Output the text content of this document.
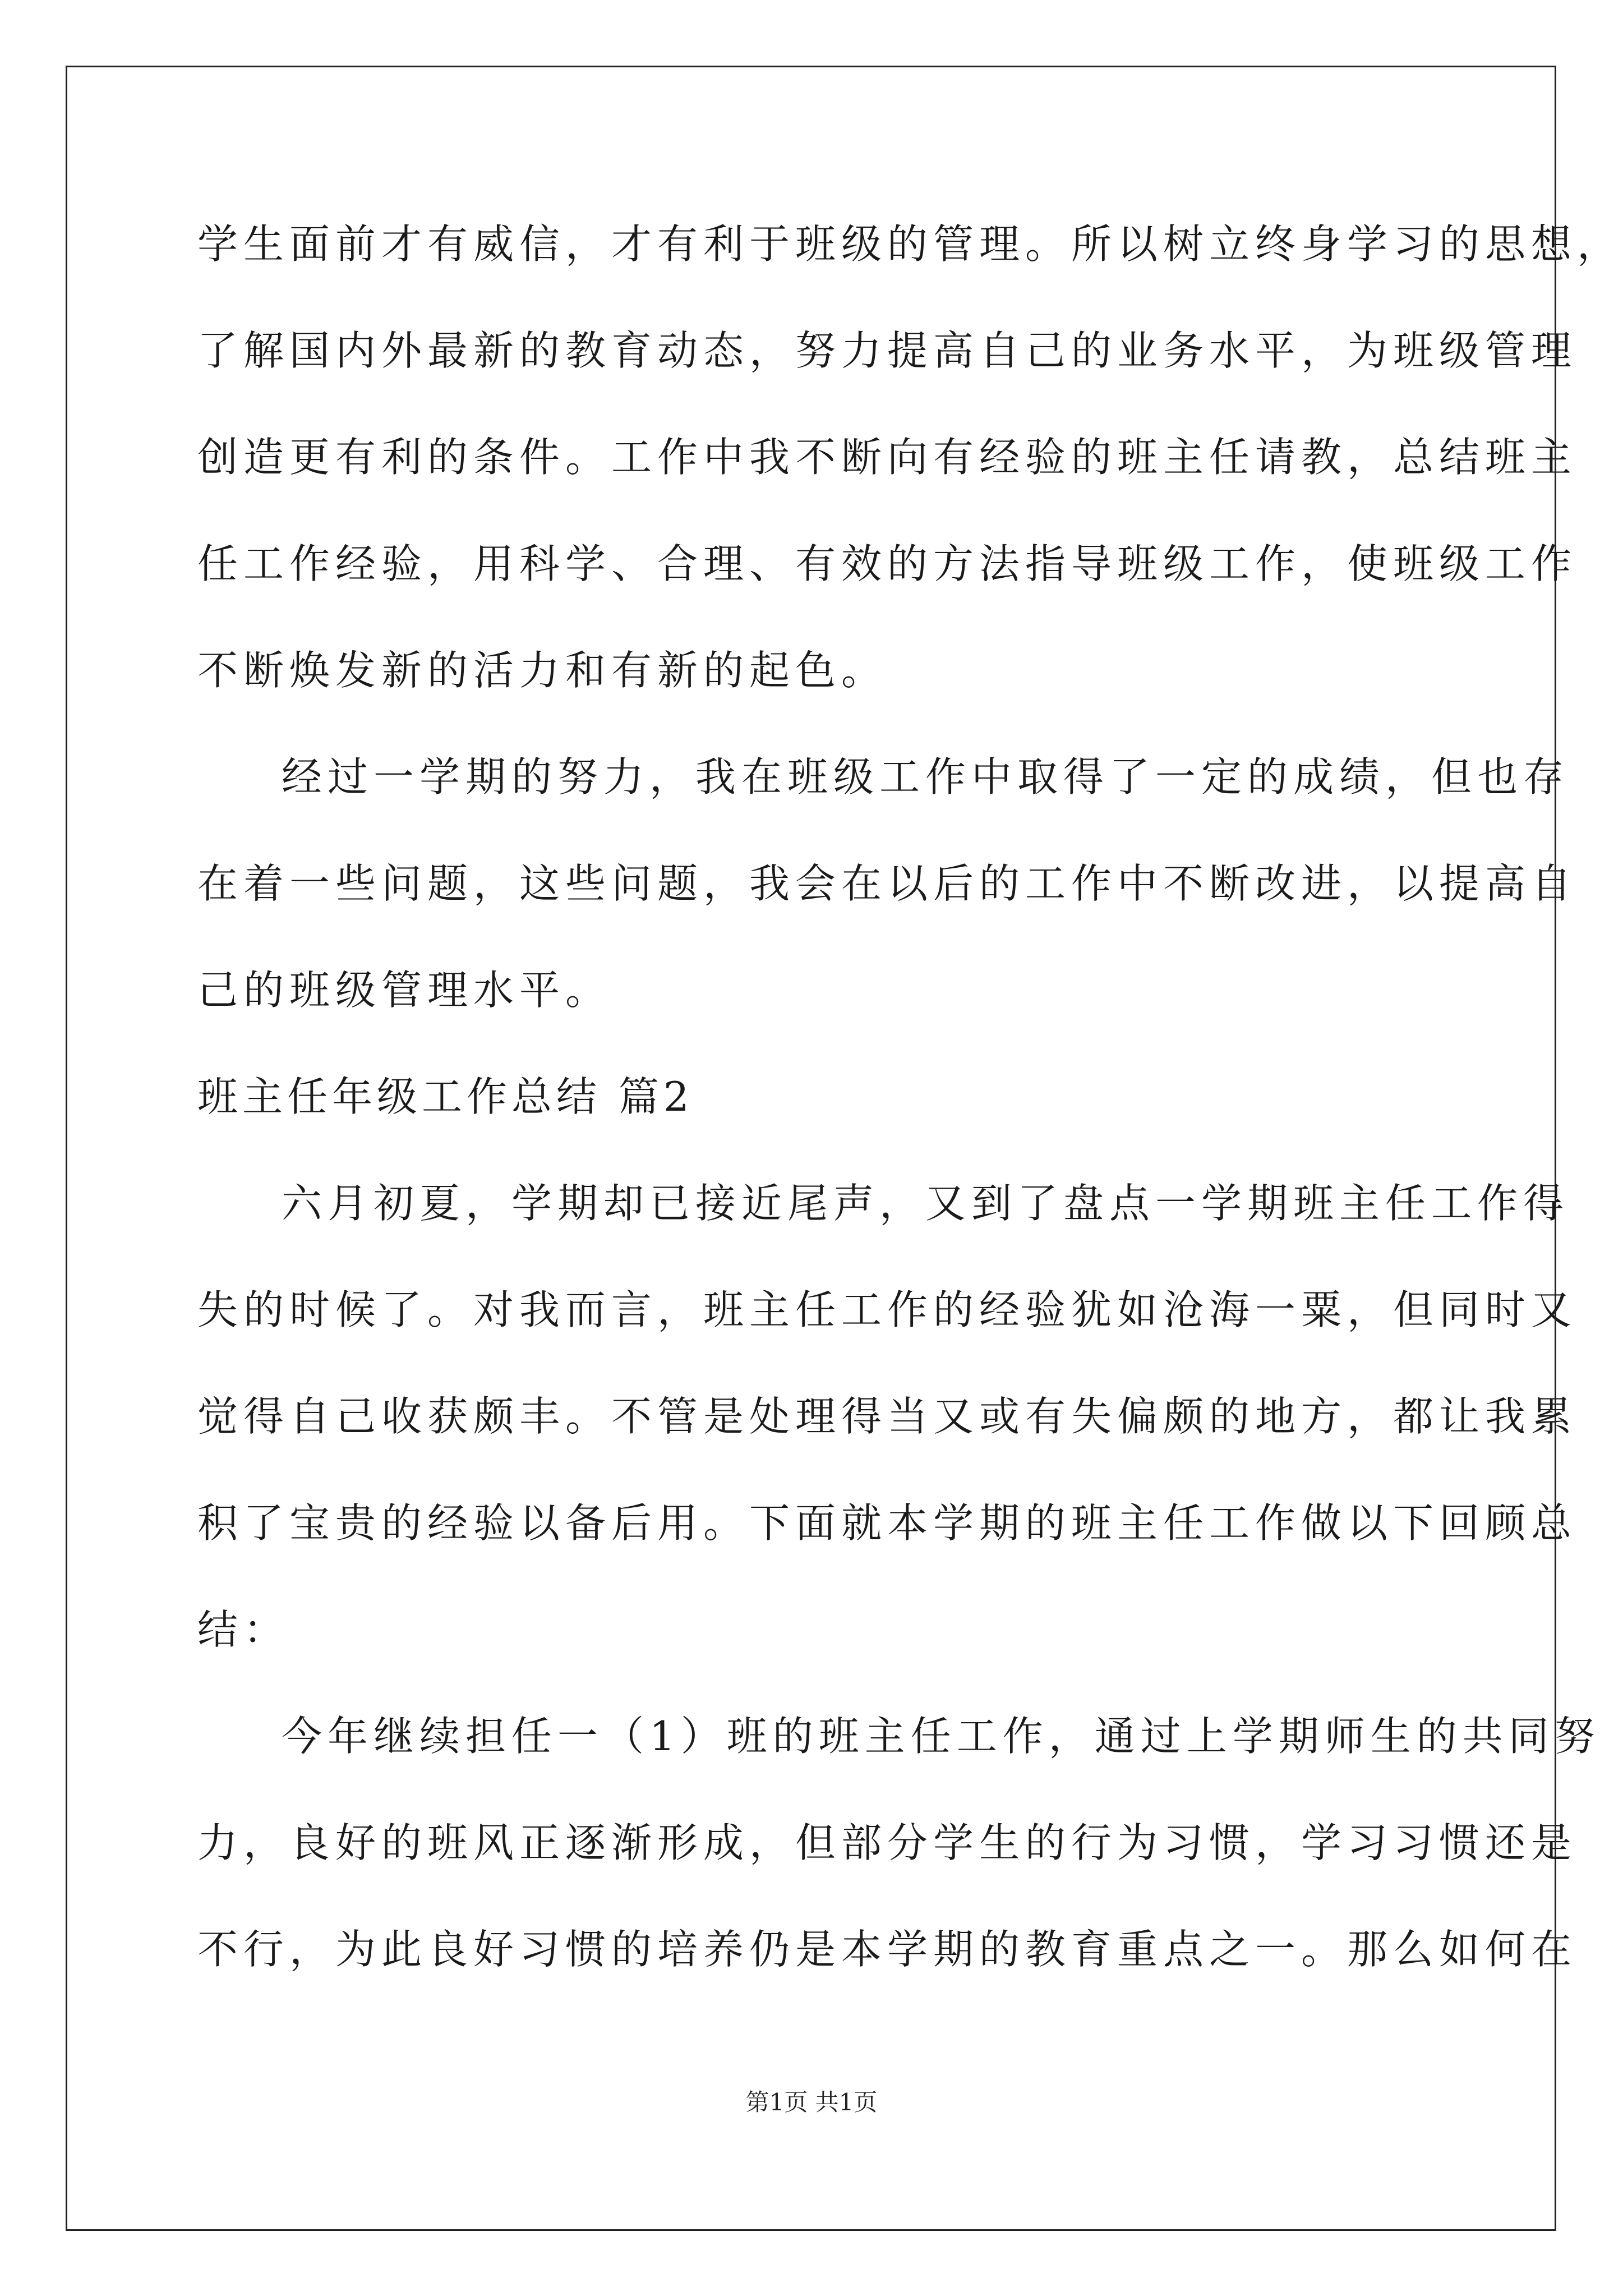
学生面前才有威信，才有利于班级的管理。所以树立终身学习的思想，
了解国内外最新的教育动态，努力提高自己的业务水平，为班级管理
创造更有利的条件。工作中我不断向有经验的班主任请教，总结班主
任工作经验，用科学、合理、有效的方法指导班级工作，使班级工作
不断焕发新的活力和有新的起色。
经过一学期的努力，我在班级工作中取得了一定的成绩，但也存
在着一些问题，这些问题，我会在以后的工作中不断改进，以提高自
己的班级管理水平。
班主任年级工作总结 篇2
六月初夏，学期却已接近尾声，又到了盘点一学期班主任工作得
失的时候了。对我而言，班主任工作的经验犹如沧海一粟，但同时又
觉得自己收获颇丰。不管是处理得当又或有失偏颇的地方，都让我累
积了宝贵的经验以备后用。下面就本学期的班主任工作做以下回顾总
结：
今年继续担任一（1）班的班主任工作，通过上学期师生的共同努
力，良好的班风正逐渐形成，但部分学生的行为习惯，学习习惯还是
不行，为此良好习惯的培养仍是本学期的教育重点之一。那么如何在
第1页 共1页
